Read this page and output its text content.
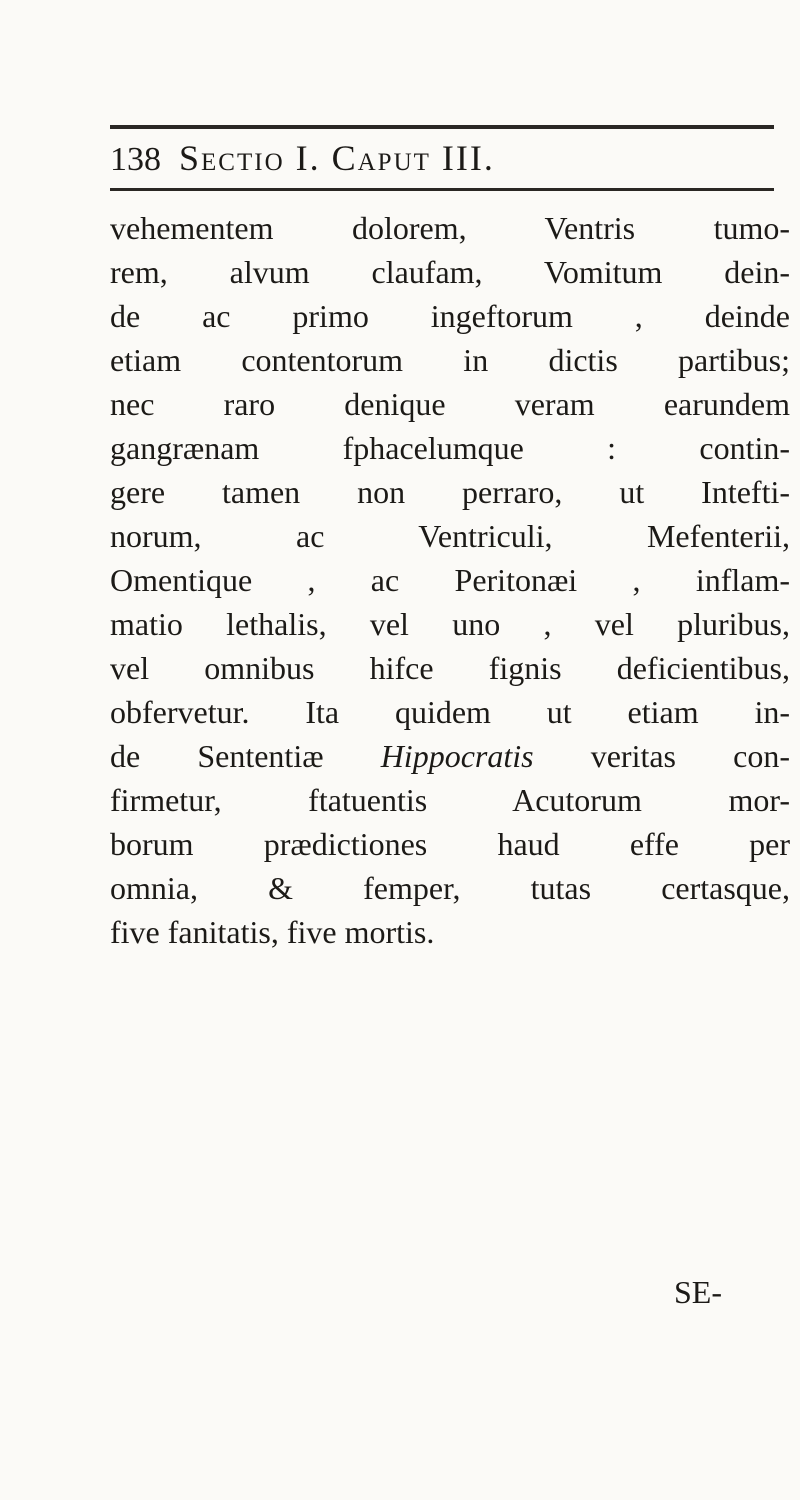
138 Sectio I. Caput III.
vehementem dolorem, Ventris tumo-
rem, alvum claufam, Vomitum dein-
de ac primo ingeftorum , deinde
etiam contentorum in dictis partibus;
nec raro denique veram earundem
gangrænam fphacelumque : contin-
gere tamen non perraro, ut Intefti-
norum, ac Ventriculi, Mefenterii,
Omentique , ac Peritonæi , inflam-
matio lethalis, vel uno , vel pluribus,
vel omnibus hifce fignis deficientibus,
obfervetur. Ita quidem ut etiam in-
de Sententiæ Hippocratis veritas con-
firmetur, ftatuentis Acutorum mor-
borum prædictiones haud effe per
omnia, & femper, tutas certasque,
five fanitatis, five mortis.
SE-
